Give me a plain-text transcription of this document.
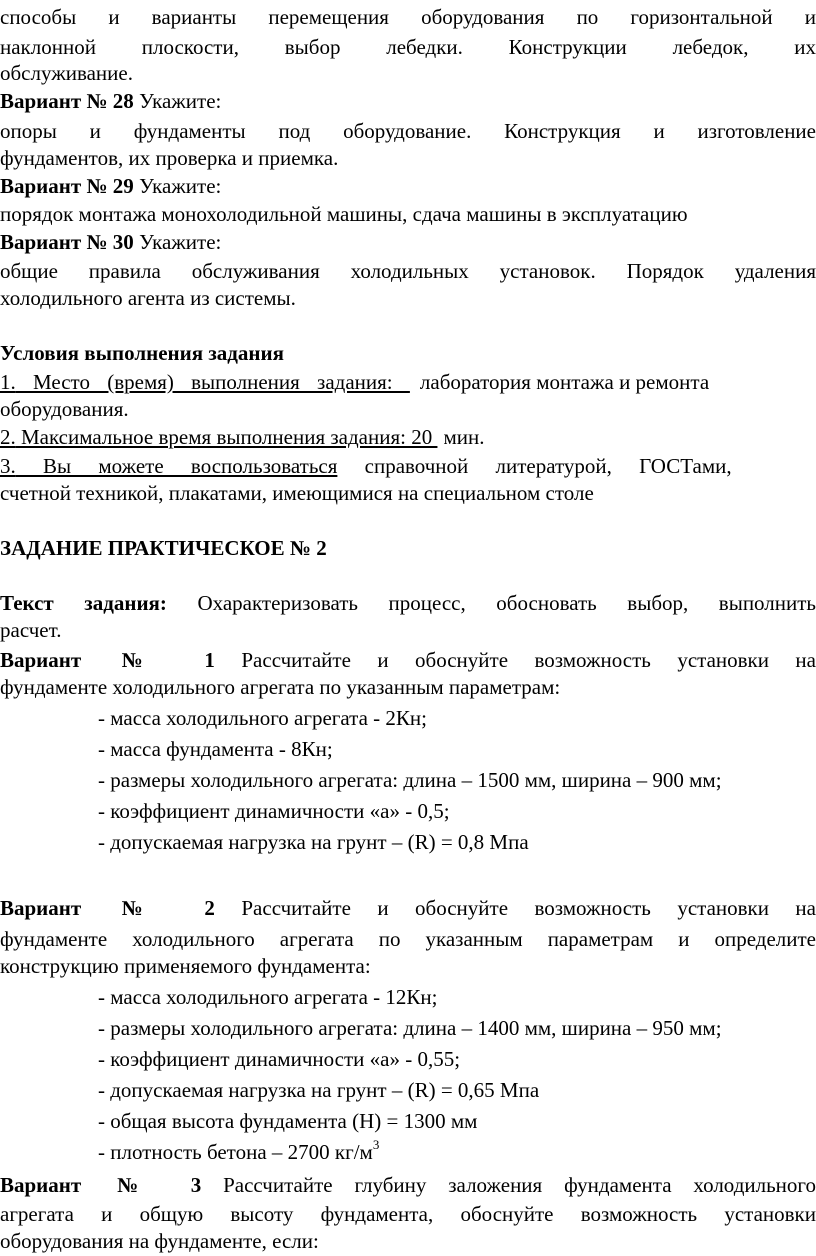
способы и варианты перемещения оборудования по горизонтальной и
наклонной плоскости, выбор лебедки. Конструкции лебедок, их
обслуживание.
Вариант № 28 Укажите:
опоры и фундаменты под оборудование. Конструкция и изготовление
фундаментов, их проверка и приемка.
Вариант № 29 Укажите:
порядок монтажа монохолодильной машины, сдача машины в эксплуатацию
Вариант № 30 Укажите:
общие правила обслуживания холодильных установок. Порядок удаления
холодильного агента из системы.
Условия выполнения задания
1. Место (время) выполнения задания: лаборатория монтажа и ремонта
оборудования.
2. Максимальное время выполнения задания: 20 мин.
3. Вы можете воспользоваться справочной литературой, ГОСТами,
счетной техникой, плакатами, имеющимися на специальном столе
ЗАДАНИЕ ПРАКТИЧЕСКОЕ № 2
Текст задания: Охарактеризовать процесс, обосновать выбор, выполнить
расчет.
Вариант № 1 Рассчитайте и обоснуйте возможность установки на
фундаменте холодильного агрегата по указанным параметрам:
- масса холодильного агрегата - 2Кн;
- масса фундамента - 8Кн;
- размеры холодильного агрегата: длина – 1500 мм, ширина – 900 мм;
- коэффициент динамичности «а» - 0,5;
- допускаемая нагрузка на грунт – (R) = 0,8 Мпа
Вариант № 2 Рассчитайте и обоснуйте возможность установки на
фундаменте холодильного агрегата по указанным параметрам и определите
конструкцию применяемого фундамента:
- масса холодильного агрегата - 12Кн;
- размеры холодильного агрегата: длина – 1400 мм, ширина – 950 мм;
- коэффициент динамичности «а» - 0,55;
- допускаемая нагрузка на грунт – (R) = 0,65 Мпа
- общая высота фундамента (Н) = 1300 мм
- плотность бетона – 2700 $кг/м^3$
Вариант № 3 Рассчитайте глубину заложения фундамента холодильного
агрегата и общую высоту фундамента, обоснуйте возможность установки
оборудования на фундаменте, если:
